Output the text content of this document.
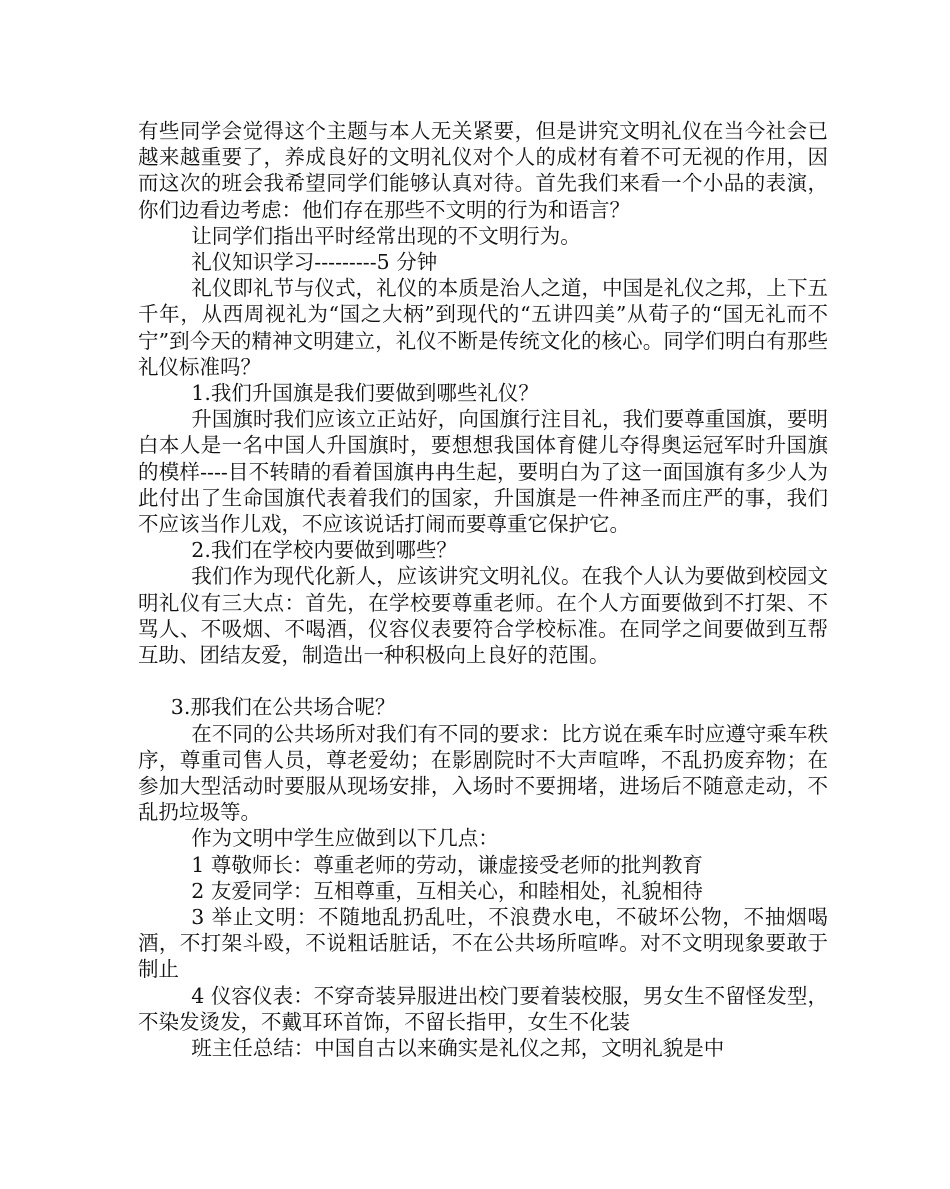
有些同学会觉得这个主题与本人无关紧要，但是讲究文明礼仪在当今社会已越来越重要了，养成良好的文明礼仪对个人的成材有着不可无视的作用，因而这次的班会我希望同学们能够认真对待。首先我们来看一个小品的表演，你们边看边考虑：他们存在那些不文明的行为和语言？

让同学们指出平时经常出现的不文明行为。

礼仪知识学习---------5 分钟

礼仪即礼节与仪式，礼仪的本质是治人之道，中国是礼仪之邦，上下五千年，从西周视礼为“国之大柄”到现代的“五讲四美”从荀子的“国无礼而不宁”到今天的精神文明建立，礼仪不断是传统文化的核心。同学们明白有那些礼仪标准吗？

1.我们升国旗是我们要做到哪些礼仪？

升国旗时我们应该立正站好，向国旗行注目礼，我们要尊重国旗，要明白本人是一名中国人升国旗时，要想想我国体育健儿夺得奥运冠军时升国旗的模样----目不转睛的看着国旗冉冉生起，要明白为了这一面国旗有多少人为此付出了生命国旗代表着我们的国家，升国旗是一件神圣而庄严的事，我们不应该当作儿戏，不应该说话打闹而要尊重它保护它。

2.我们在学校内要做到哪些？

我们作为现代化新人，应该讲究文明礼仪。在我个人认为要做到校园文明礼仪有三大点：首先，在学校要尊重老师。在个人方面要做到不打架、不骂人、不吸烟、不喝酒，仪容仪表要符合学校标准。在同学之间要做到互帮互助、团结友爱，制造出一种积极向上良好的范围。

3.那我们在公共场合呢？

在不同的公共场所对我们有不同的要求：比方说在乘车时应遵守乘车秩序，尊重司售人员，尊老爱幼；在影剧院时不大声喧哗，不乱扔废弃物；在参加大型活动时要服从现场安排，入场时不要拥堵，进场后不随意走动，不乱扔垃圾等。

作为文明中学生应做到以下几点：

1 尊敬师长：尊重老师的劳动，谦虚接受老师的批判教育

2 友爱同学：互相尊重，互相关心，和睦相处，礼貌相待

3 举止文明：不随地乱扔乱吐，不浪费水电，不破坏公物，不抽烟喝酒，不打架斗殴，不说粗话脏话，不在公共场所喧哗。对不文明现象要敢于制止

4 仪容仪表：不穿奇装异服进出校门要着装校服，男女生不留怪发型，不染发烫发，不戴耳环首饰，不留长指甲，女生不化装

班主任总结：中国自古以来确实是礼仪之邦，文明礼貌是中
